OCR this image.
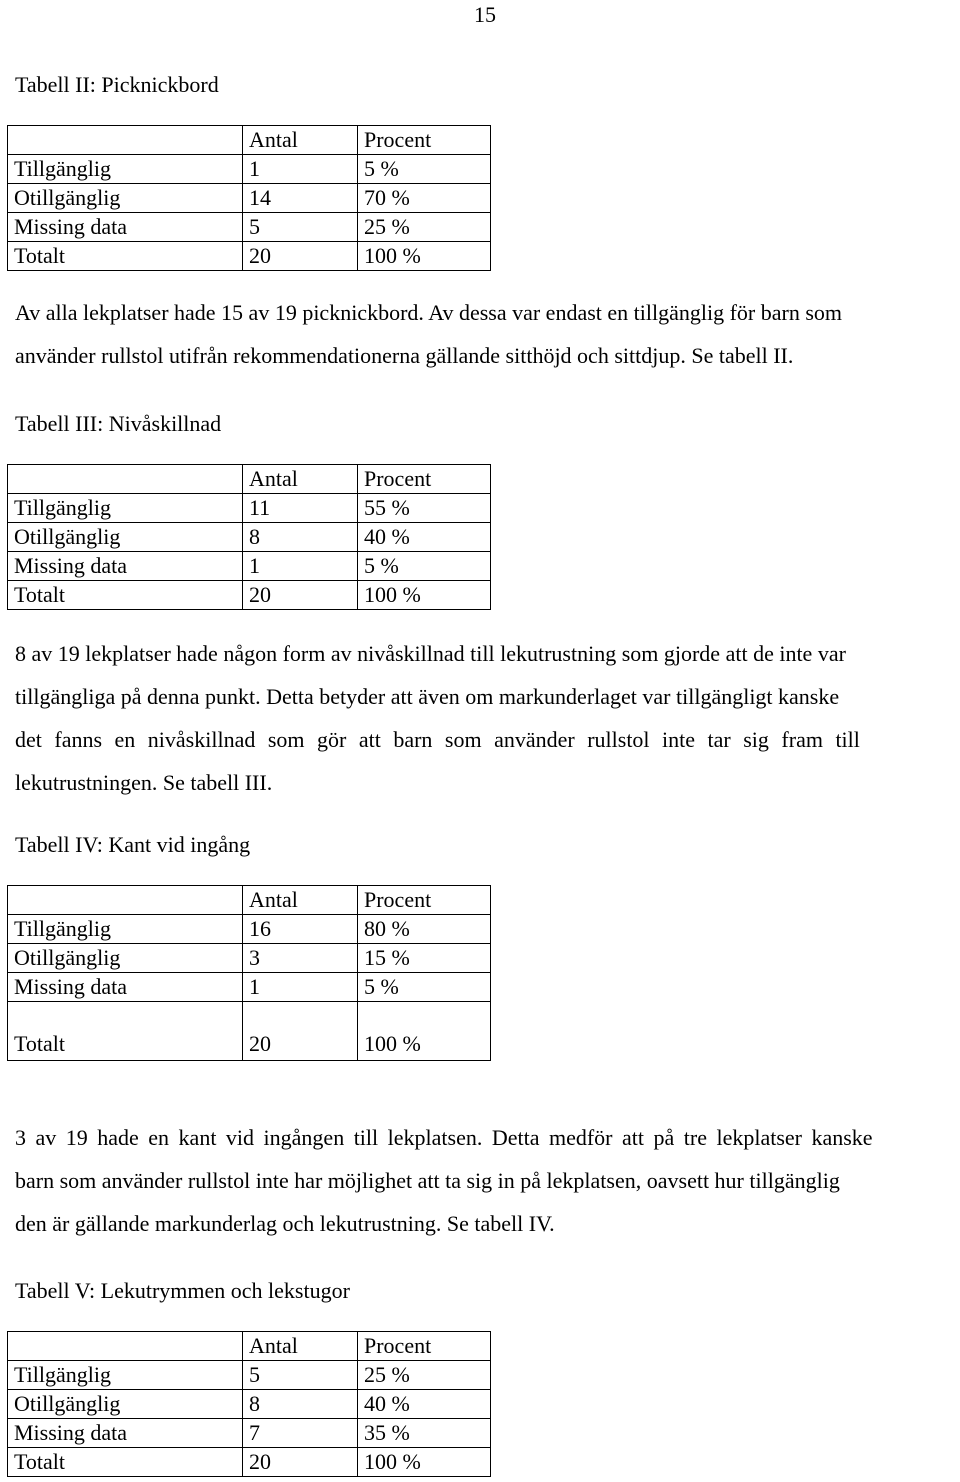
15
Tabell II: Picknickbord
	Antal	Procent
Tillgänglig	1	5 %
Otillgänglig	14	70 %
Missing data	5	25 %
Totalt	20	100 %
Av alla lekplatser hade 15 av 19 picknickbord. Av dessa var endast en tillgänglig för barn som
använder rullstol utifrån rekommendationerna gällande sitthöjd och sittdjup. Se tabell II.
Tabell III: Nivåskillnad
	Antal	Procent
Tillgänglig	11	55 %
Otillgänglig	8	40 %
Missing data	1	5 %
Totalt	20	100 %
8 av 19 lekplatser hade någon form av nivåskillnad till lekutrustning som gjorde att de inte var
tillgängliga på denna punkt. Detta betyder att även om markunderlaget var tillgängligt kanske
det fanns en nivåskillnad som gör att barn som använder rullstol inte tar sig fram till
lekutrustningen. Se tabell III.
Tabell IV: Kant vid ingång
	Antal	Procent
Tillgänglig	16	80 %
Otillgänglig	3	15 %
Missing data	1	5 %
Totalt	20	100 %
3 av 19 hade en kant vid ingången till lekplatsen. Detta medför att på tre lekplatser kanske
barn som använder rullstol inte har möjlighet att ta sig in på lekplatsen, oavsett hur tillgänglig
den är gällande markunderlag och lekutrustning. Se tabell IV.
Tabell V: Lekutrymmen och lekstugor
	Antal	Procent
Tillgänglig	5	25 %
Otillgänglig	8	40 %
Missing data	7	35 %
Totalt	20	100 %
